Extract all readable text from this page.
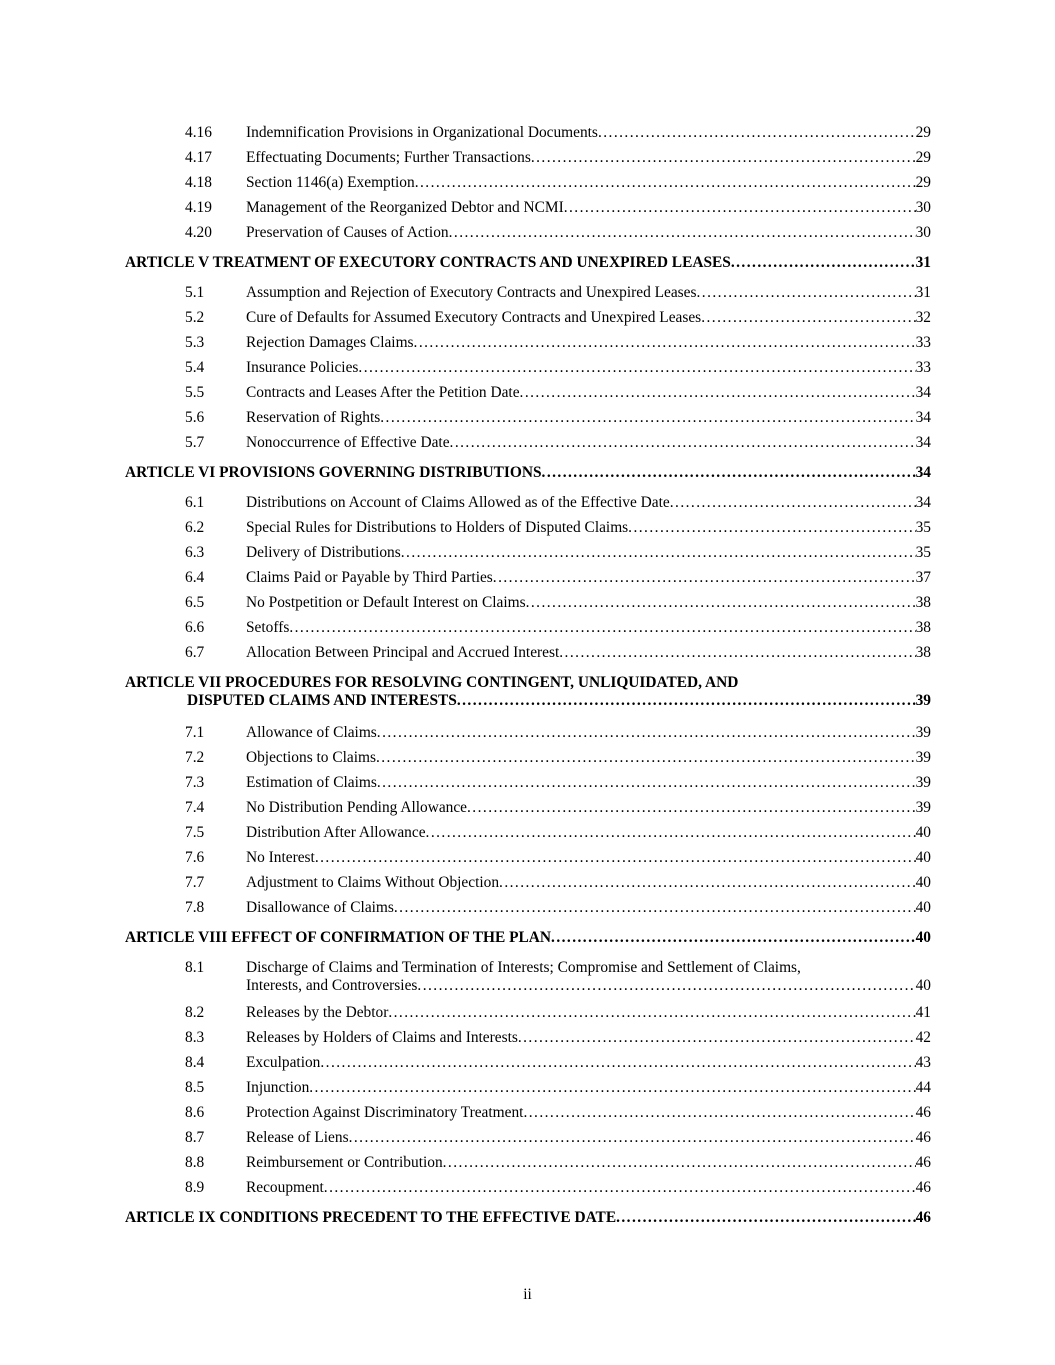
4.16 Indemnification Provisions in Organizational Documents . . .	29
4.17 Effectuating Documents; Further Transactions . . .	29
4.18 Section 1146(a) Exemption . . .	29
4.19 Management of the Reorganized Debtor and NCMI . . .	30
4.20 Preservation of Causes of Action . . .	30
ARTICLE V TREATMENT OF EXECUTORY CONTRACTS AND UNEXPIRED LEASES . . .	31
5.1	Assumption and Rejection of Executory Contracts and Unexpired Leases . . .	31
5.2	Cure of Defaults for Assumed Executory Contracts and Unexpired Leases . . .	32
5.3	Rejection Damages Claims . . .	33
5.4	Insurance Policies . . .	33
5.5	Contracts and Leases After the Petition Date . . .	34
5.6	Reservation of Rights . . .	34
5.7	Nonoccurrence of Effective Date . . .	34
ARTICLE VI PROVISIONS GOVERNING DISTRIBUTIONS . . .	34
6.1	Distributions on Account of Claims Allowed as of the Effective Date . . .	34
6.2	Special Rules for Distributions to Holders of Disputed Claims . . .	35
6.3	Delivery of Distributions . . .	35
6.4	Claims Paid or Payable by Third Parties . . .	37
6.5	No Postpetition or Default Interest on Claims . . .	38
6.6	Setoffs . . .	38
6.7	Allocation Between Principal and Accrued Interest . . .	38
ARTICLE VII PROCEDURES FOR RESOLVING CONTINGENT, UNLIQUIDATED, AND
DISPUTED CLAIMS AND INTERESTS . . .	39
7.1	Allowance of Claims . . .	39
7.2	Objections to Claims . . .	39
7.3	Estimation of Claims . . .	39
7.4	No Distribution Pending Allowance . . .	39
7.5	Distribution After Allowance . . .	40
7.6	No Interest . . .	40
7.7	Adjustment to Claims Without Objection . . .	40
7.8	Disallowance of Claims . . .	40
ARTICLE VIII EFFECT OF CONFIRMATION OF THE PLAN . . .	40
8.1	Discharge of Claims and Termination of Interests; Compromise and Settlement of Claims,
Interests, and Controversies . . .	40
8.2	Releases by the Debtor . . .	41
8.3	Releases by Holders of Claims and Interests . . .	42
8.4	Exculpation . . .	43
8.5	Injunction . . .	44
8.6	Protection Against Discriminatory Treatment . . .	46
8.7	Release of Liens . . .	46
8.8	Reimbursement or Contribution . . .	46
8.9	Recoupment . . .	46
ARTICLE IX CONDITIONS PRECEDENT TO THE EFFECTIVE DATE . . .	46
ii
